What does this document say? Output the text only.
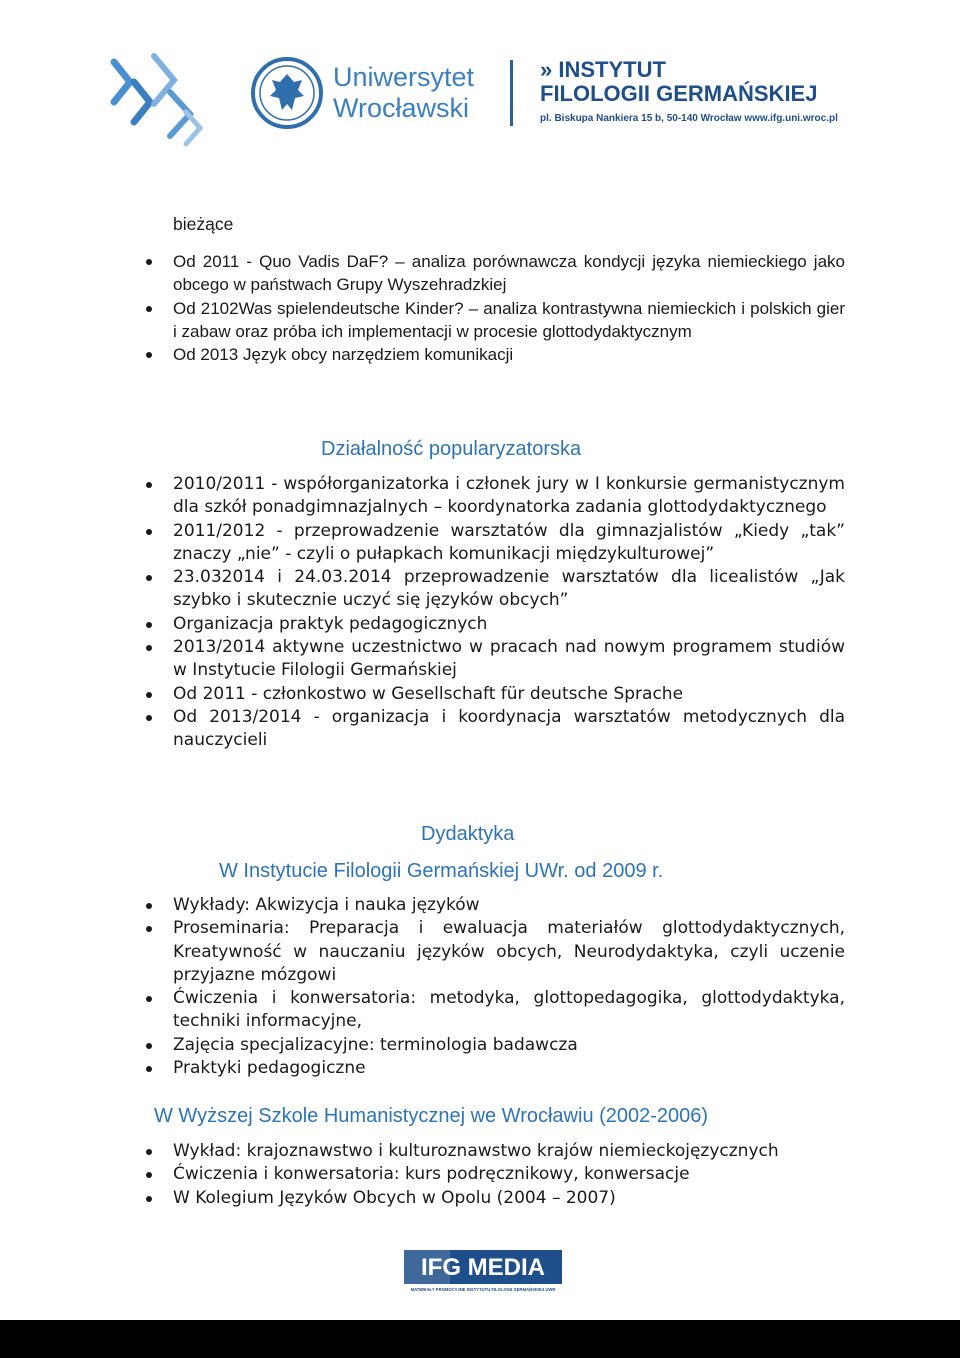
Uniwersytet
Wrocławski
» INSTYTUT
FILOLOGII GERMAŃSKIEJ
pl. Biskupa Nankiera 15 b, 50-140 Wrocław www.ifg.uni.wroc.pl
bieżące
Od 2011 - Quo Vadis DaF? – analiza porównawcza kondycji języka niemieckiego jako obcego w państwach Grupy Wyszehradzkiej
Od 2102Was spielendeutsche Kinder? – analiza kontrastywna niemieckich i polskich gier i zabaw oraz próba ich implementacji w procesie glottodydaktycznym
Od 2013 Język obcy narzędziem komunikacji
Działalność popularyzatorska
2010/2011 - współorganizatorka i członek jury w I konkursie germanistycznym dla szkół ponadgimnazjalnych – koordynatorka zadania glottodydaktycznego
2011/2012 - przeprowadzenie warsztatów dla gimnazjalistów „Kiedy „tak” znaczy „nie” - czyli o pułapkach komunikacji międzykulturowej”
23.032014 i 24.03.2014 przeprowadzenie warsztatów dla licealistów „Jak szybko i skutecznie uczyć się języków obcych”
Organizacja praktyk pedagogicznych
2013/2014 aktywne uczestnictwo w pracach nad nowym programem studiów w Instytucie Filologii Germańskiej
Od 2011 - członkostwo w Gesellschaft für deutsche Sprache
Od 2013/2014 - organizacja i koordynacja warsztatów metodycznych dla nauczycieli
Dydaktyka
W Instytucie Filologii Germańskiej UWr. od 2009 r.
Wykłady: Akwizycja i nauka języków
Proseminaria: Preparacja i ewaluacja materiałów glottodydaktycznych, Kreatywność w nauczaniu języków obcych, Neurodydaktyka, czyli uczenie przyjazne mózgowi
Ćwiczenia i konwersatoria: metodyka, glottopedagogika, glottodydaktyka, techniki informacyjne,
Zajęcia specjalizacyjne: terminologia badawcza
Praktyki pedagogiczne
W Wyższej Szkole Humanistycznej we Wrocławiu (2002-2006)
Wykład: krajoznawstwo i kulturoznawstwo krajów niemieckojęzycznych
Ćwiczenia i konwersatoria: kurs podręcznikowy, konwersacje
W Kolegium Języków Obcych w Opolu (2004 – 2007)
IFG MEDIA
MATERIAŁY PROMOCYJNE INSTYTUTU FILOLOGII GERMAŃSKIEJ UWR
